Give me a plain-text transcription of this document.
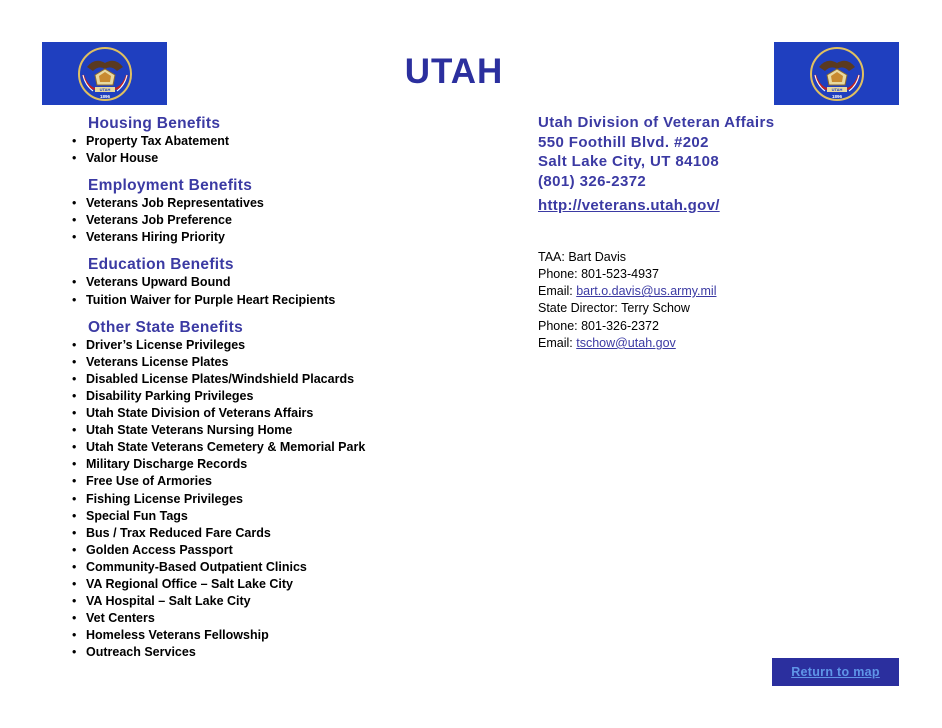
UTAH
1896
UTAH
1896
UTAH
Housing Benefits
• Property Tax Abatement
• Valor House
Employment Benefits
• Veterans Job Representatives
• Veterans Job Preference
• Veterans Hiring Priority
Education Benefits
• Veterans Upward Bound
• Tuition Waiver for Purple Heart Recipients
Other State Benefits
• Driver’s License Privileges
• Veterans License Plates
• Disabled License Plates/Windshield Placards
• Disability Parking Privileges
• Utah State Division of Veterans Affairs
• Utah State Veterans Nursing Home
• Utah State Veterans Cemetery & Memorial Park
• Military Discharge Records
• Free Use of Armories
• Fishing License Privileges
• Special Fun Tags
• Bus / Trax Reduced Fare Cards
• Golden Access Passport
• Community-Based Outpatient Clinics
• VA Regional Office – Salt Lake City
• VA Hospital – Salt Lake City
• Vet Centers
• Homeless Veterans Fellowship
• Outreach Services
Utah Division of Veteran Affairs
550 Foothill Blvd. #202
Salt Lake City, UT 84108
(801) 326-2372
http://veterans.utah.gov/
TAA: Bart Davis
Phone: 801-523-4937
Email: bart.o.davis@us.army.mil
State Director: Terry Schow
Phone: 801-326-2372
Email: tschow@utah.gov
Return to map
